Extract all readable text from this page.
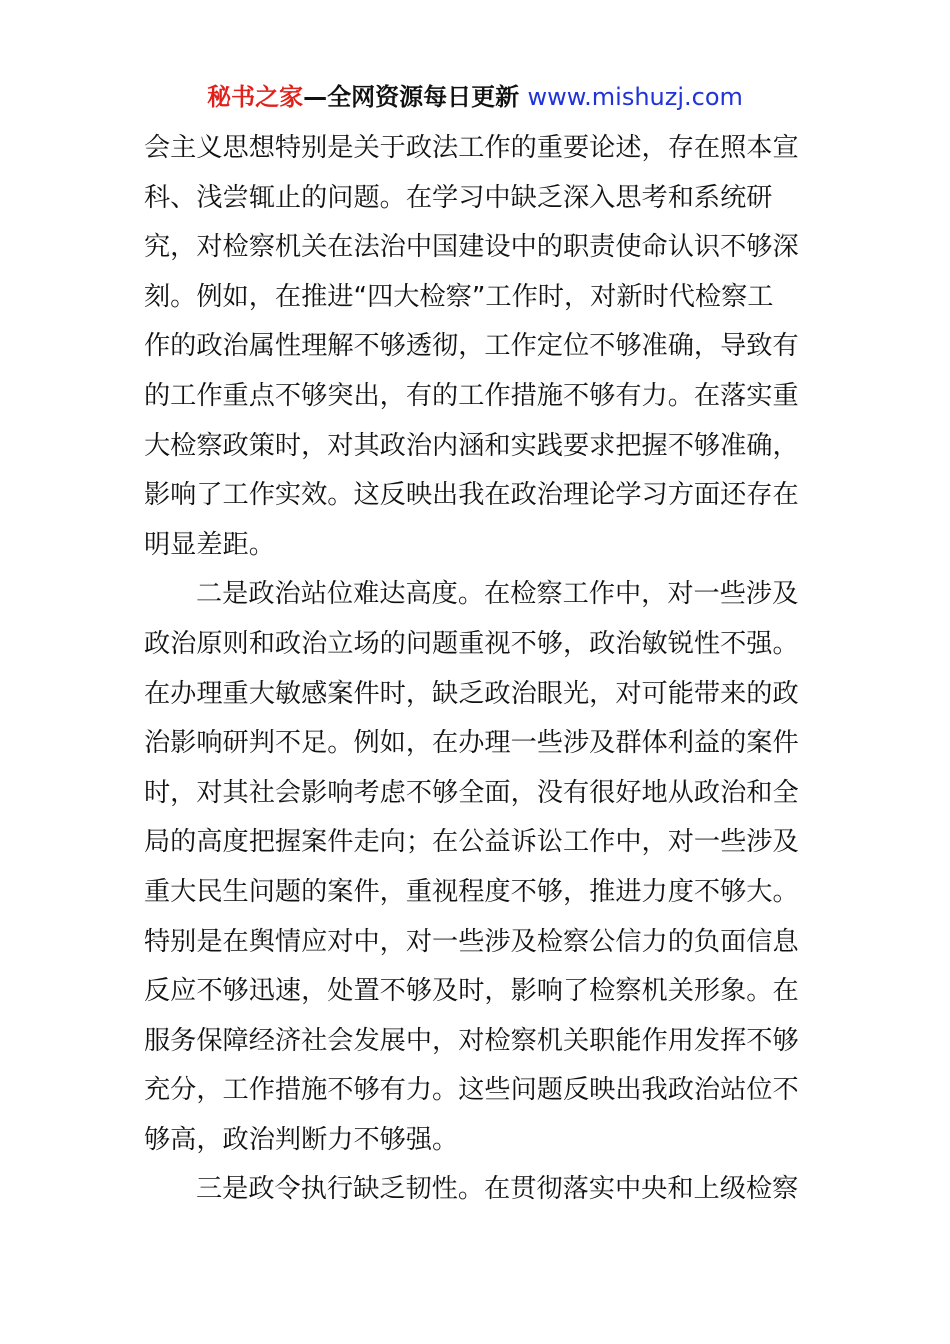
秘书之家—全网资源每日更新 www.mishuzj.com
会主义思想特别是关于政法工作的重要论述，存在照本宣
科、浅尝辄止的问题。在学习中缺乏深入思考和系统研
究，对检察机关在法治中国建设中的职责使命认识不够深
刻。例如，在推进“四大检察”工作时，对新时代检察工
作的政治属性理解不够透彻，工作定位不够准确，导致有
的工作重点不够突出，有的工作措施不够有力。在落实重
大检察政策时，对其政治内涵和实践要求把握不够准确，
影响了工作实效。这反映出我在政治理论学习方面还存在
明显差距。
二是政治站位难达高度。在检察工作中，对一些涉及
政治原则和政治立场的问题重视不够，政治敏锐性不强。
在办理重大敏感案件时，缺乏政治眼光，对可能带来的政
治影响研判不足。例如，在办理一些涉及群体利益的案件
时，对其社会影响考虑不够全面，没有很好地从政治和全
局的高度把握案件走向；在公益诉讼工作中，对一些涉及
重大民生问题的案件，重视程度不够，推进力度不够大。
特别是在舆情应对中，对一些涉及检察公信力的负面信息
反应不够迅速，处置不够及时，影响了检察机关形象。在
服务保障经济社会发展中，对检察机关职能作用发挥不够
充分，工作措施不够有力。这些问题反映出我政治站位不
够高，政治判断力不够强。
三是政令执行缺乏韧性。在贯彻落实中央和上级检察
